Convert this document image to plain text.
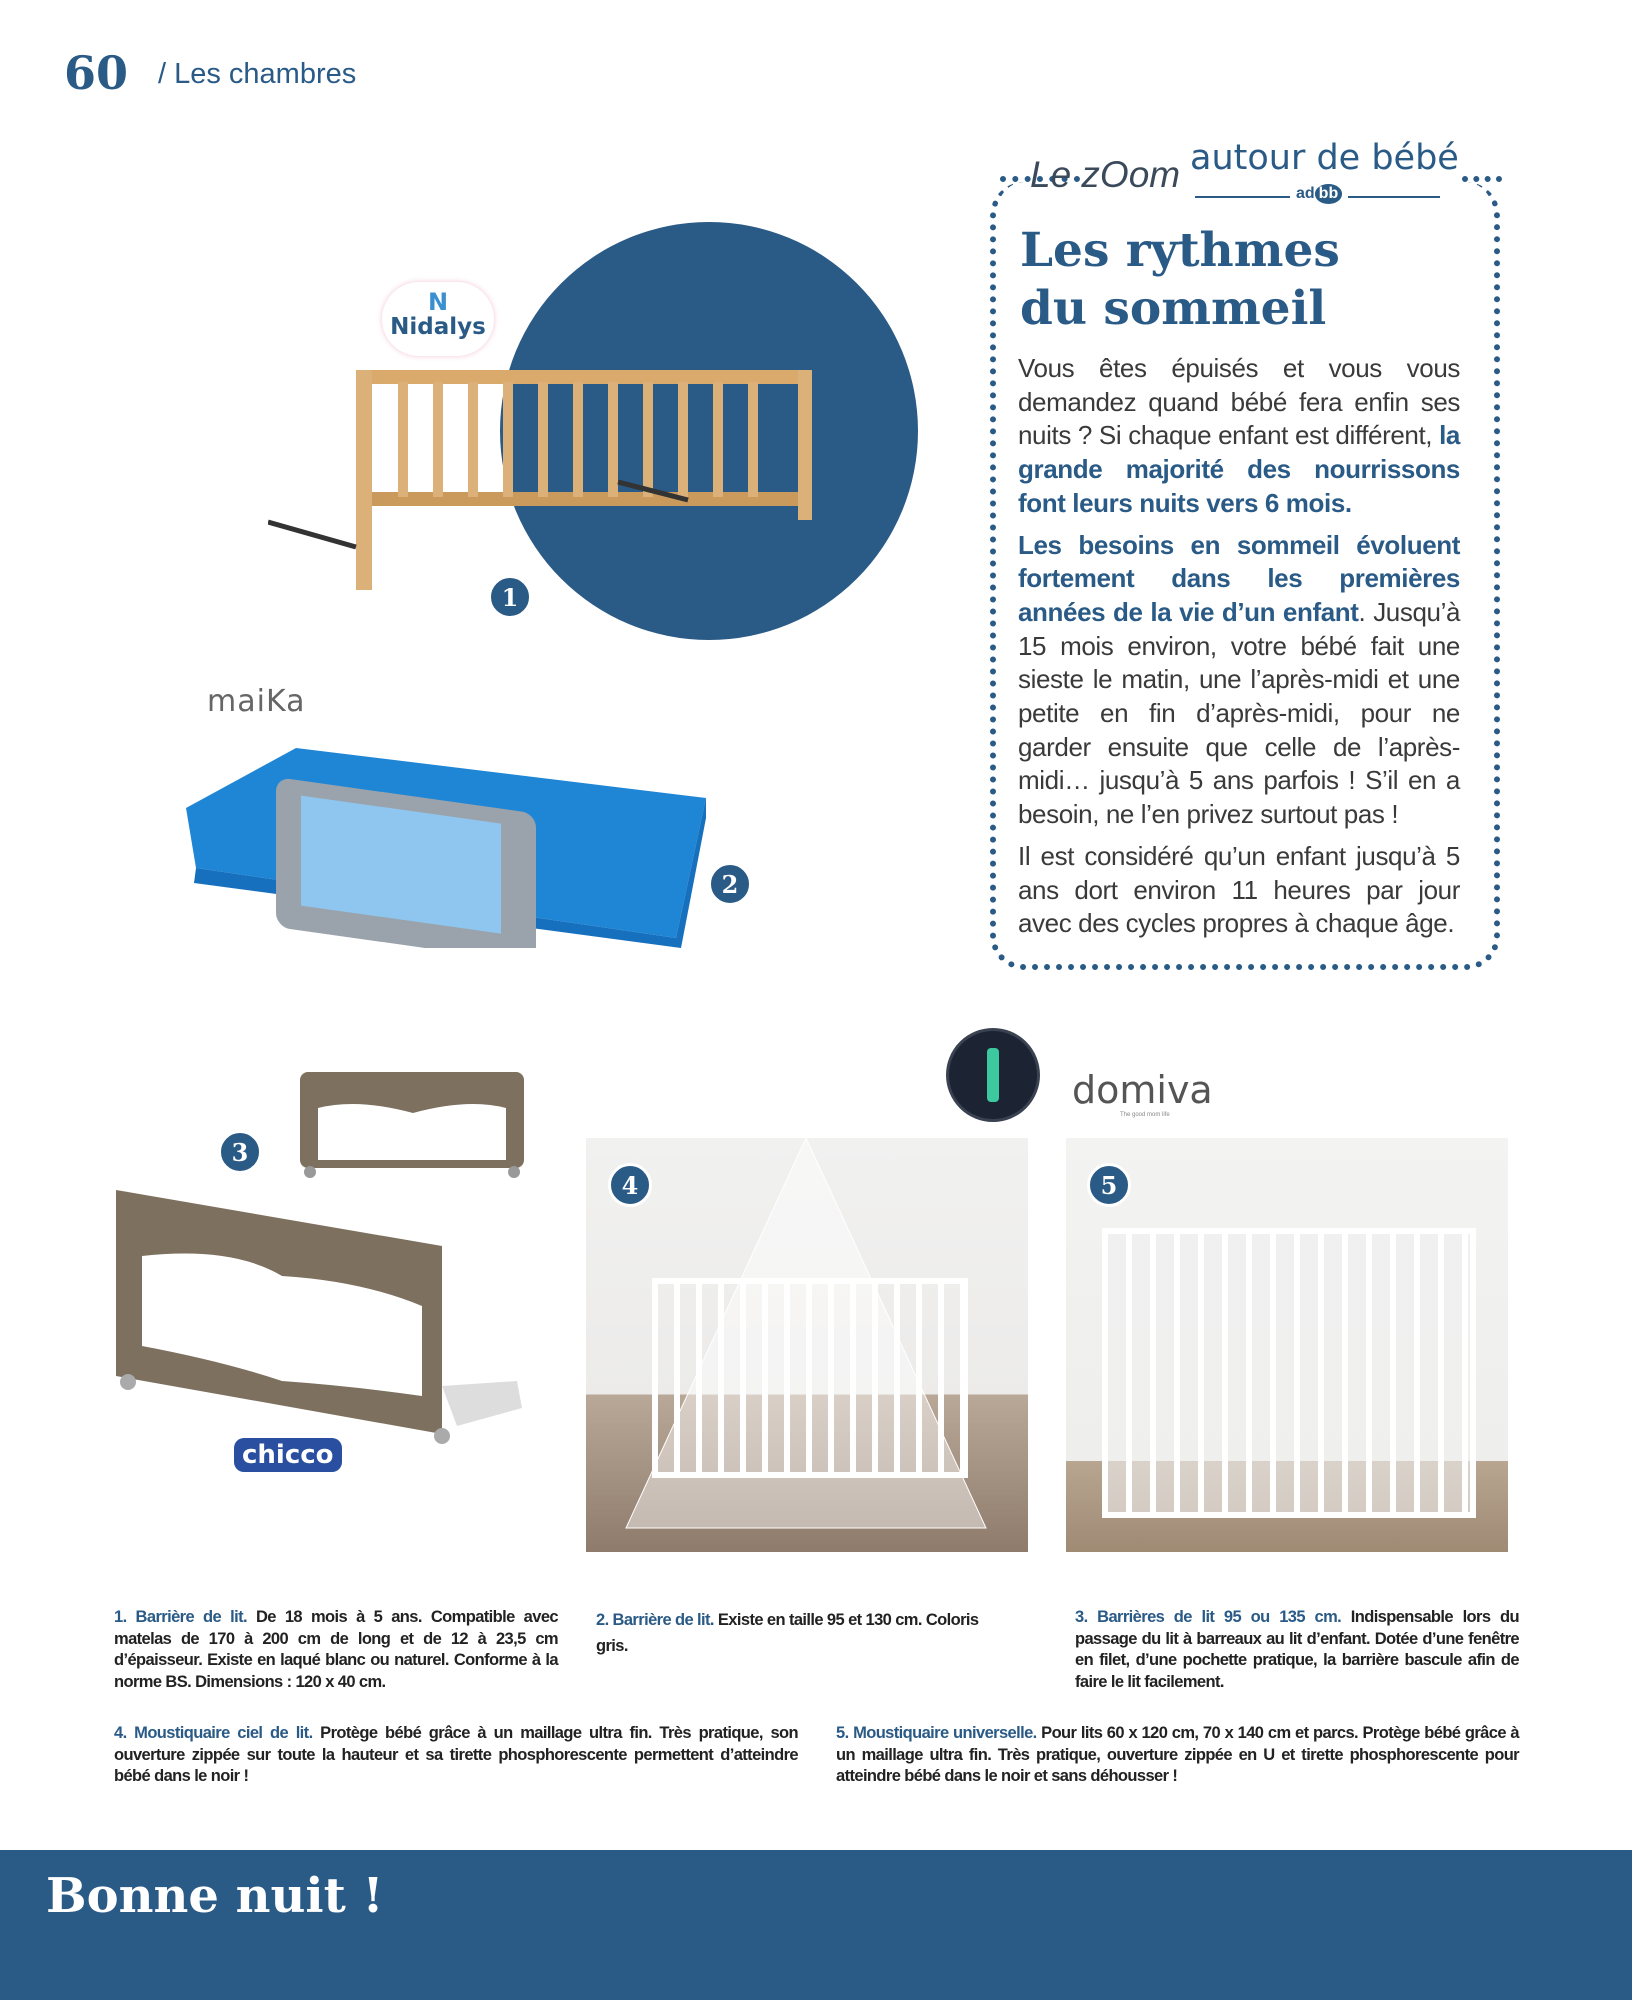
60 / Les chambres
N
Nidalys
1
maiKa
2
Le zOom autour de bébé
ad bb
Les rythmes
du sommeil

Vous êtes épuisés et vous vous demandez quand bébé fera enfin ses nuits ? Si chaque enfant est différent, la grande majorité des nourrissons font leurs nuits vers 6 mois.

Les besoins en sommeil évoluent fortement dans les premières années de la vie d’un enfant. Jusqu’à 15 mois environ, votre bébé fait une sieste le matin, une l’après-midi et une petite en fin d’après-midi, pour ne garder ensuite que celle de l’après-midi… jusqu’à 5 ans parfois ! S’il en a besoin, ne l’en privez surtout pas !

Il est considéré qu’un enfant jusqu’à 5 ans dort environ 11 heures par jour avec des cycles propres à chaque âge.

3
chicco
domiva
The good mom life
4	5
1. Barrière de lit. De 18 mois à 5 ans. Compatible avec matelas de 170 à 200 cm de long et de 12 à 23,5 cm d’épaisseur. Existe en laqué blanc ou naturel. Conforme à la norme BS. Dimensions : 120 x 40 cm.
2. Barrière de lit. Existe en taille 95 et 130 cm. Coloris gris.
3. Barrières de lit 95 ou 135 cm. Indispensable lors du passage du lit à barreaux au lit d’enfant. Dotée d’une fenêtre en filet, d’une pochette pratique, la barrière bascule afin de faire le lit facilement.
4. Moustiquaire ciel de lit. Protège bébé grâce à un maillage ultra fin. Très pratique, son ouverture zippée sur toute la hauteur et sa tirette phosphorescente permettent d’atteindre bébé dans le noir !
5. Moustiquaire universelle. Pour lits 60 x 120 cm, 70 x 140 cm et parcs. Protège bébé grâce à un maillage ultra fin. Très pratique, ouverture zippée en U et tirette phosphorescente pour atteindre bébé dans le noir et sans déhousser !
Bonne nuit !
